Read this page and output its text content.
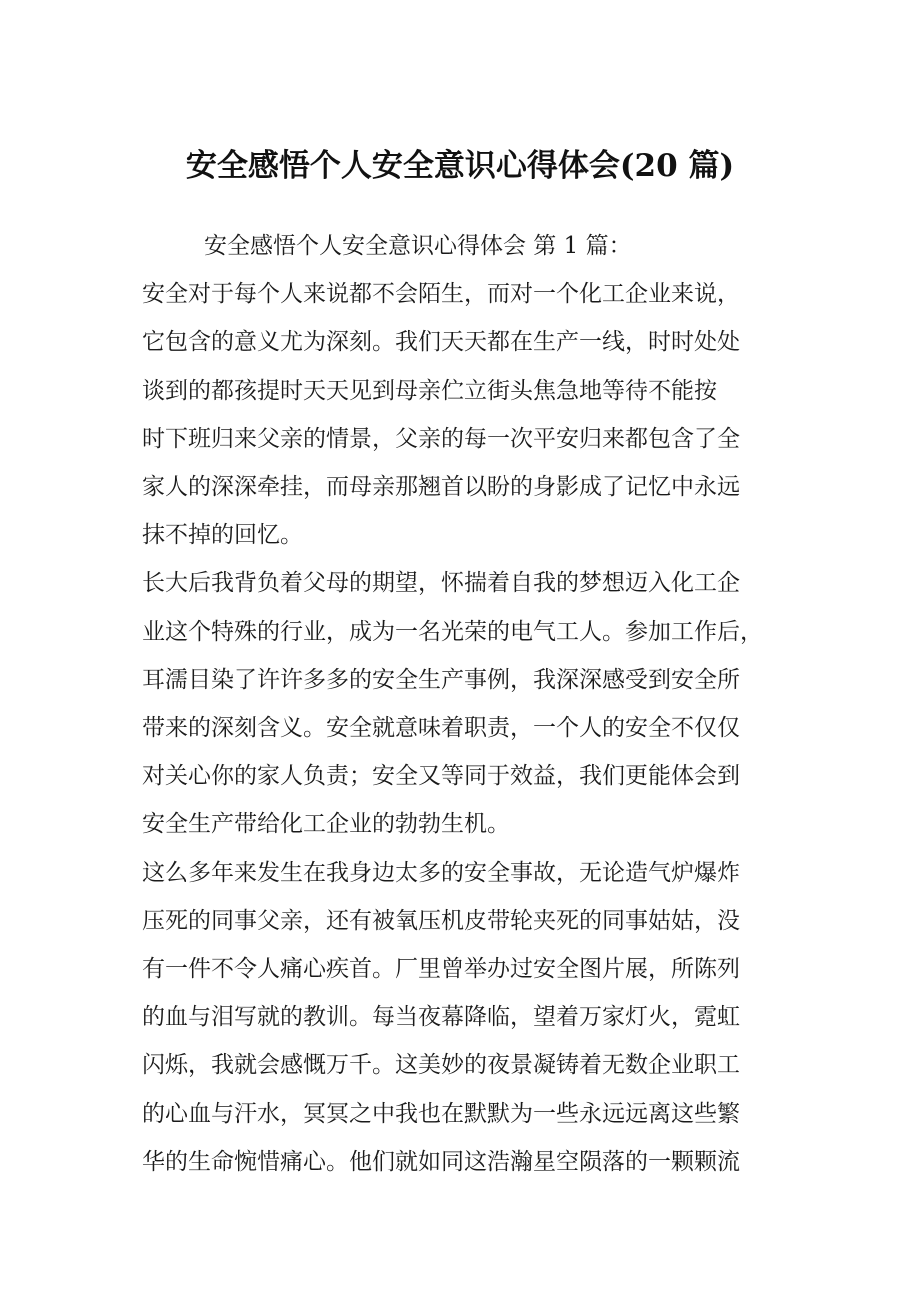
安全感悟个人安全意识心得体会(20 篇)

安全感悟个人安全意识心得体会 第 1 篇：

安全对于每个人来说都不会陌生，而对一个化工企业来说，

它包含的意义尤为深刻。我们天天都在生产一线，时时处处

谈到的都孩提时天天见到母亲伫立街头焦急地等待不能按

时下班归来父亲的情景，父亲的每一次平安归来都包含了全

家人的深深牵挂，而母亲那翘首以盼的身影成了记忆中永远

抹不掉的回忆。

长大后我背负着父母的期望，怀揣着自我的梦想迈入化工企

业这个特殊的行业，成为一名光荣的电气工人。参加工作后，

耳濡目染了许许多多的安全生产事例，我深深感受到安全所

带来的深刻含义。安全就意味着职责，一个人的安全不仅仅

对关心你的家人负责；安全又等同于效益，我们更能体会到

安全生产带给化工企业的勃勃生机。

这么多年来发生在我身边太多的安全事故，无论造气炉爆炸

压死的同事父亲，还有被氧压机皮带轮夹死的同事姑姑，没

有一件不令人痛心疾首。厂里曾举办过安全图片展，所陈列

的血与泪写就的教训。每当夜幕降临，望着万家灯火，霓虹

闪烁，我就会感慨万千。这美妙的夜景凝铸着无数企业职工

的心血与汗水，冥冥之中我也在默默为一些永远远离这些繁

华的生命惋惜痛心。他们就如同这浩瀚星空陨落的一颗颗流
